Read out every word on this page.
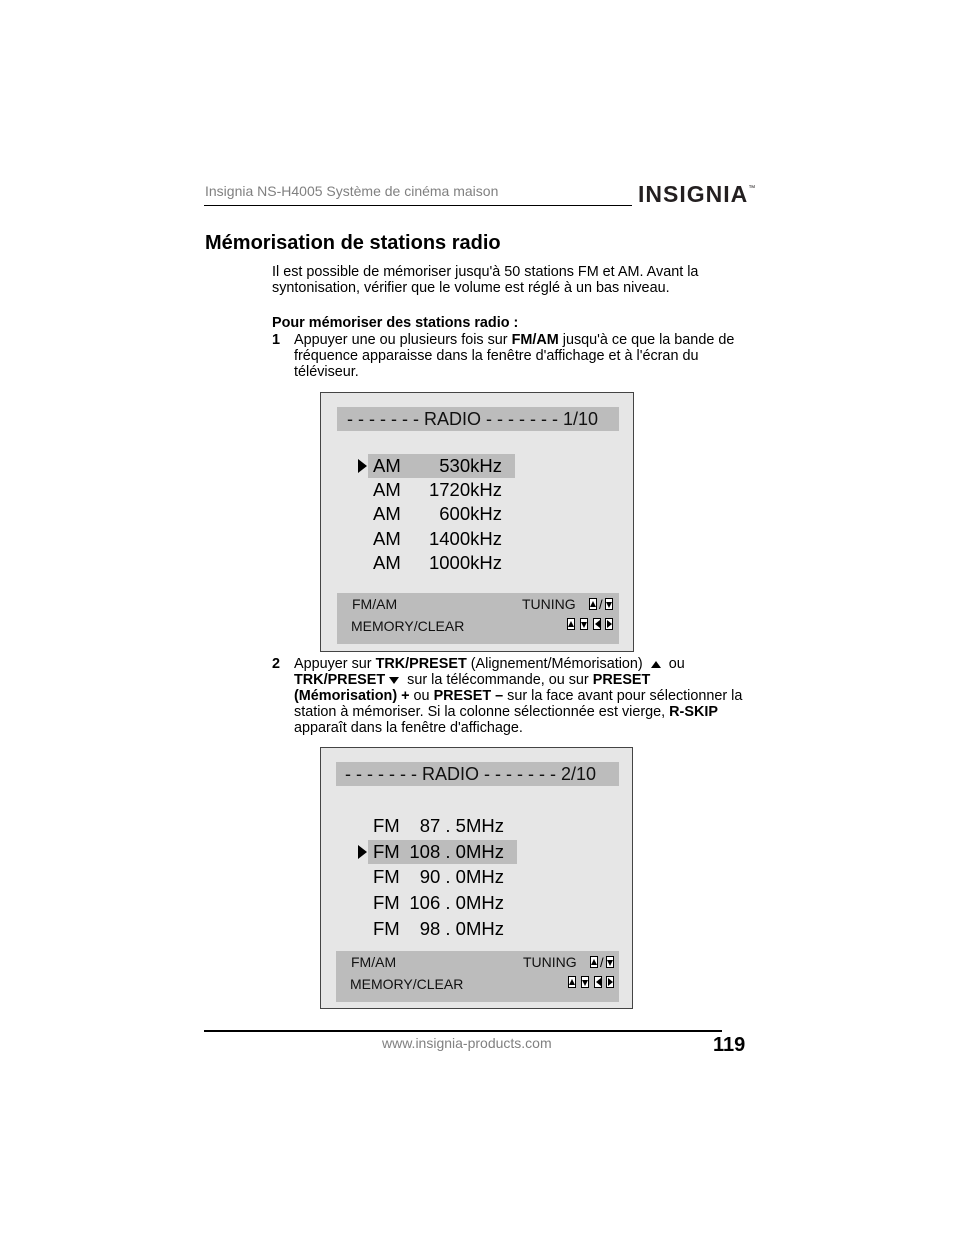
Insignia NS-H4005 Système de cinéma maison	INSIGNIA™
Mémorisation de stations radio
Il est possible de mémoriser jusqu'à 50 stations FM et AM. Avant la syntonisation, vérifier que le volume est réglé à un bas niveau.
Pour mémoriser des stations radio :
1 Appuyer une ou plusieurs fois sur FM/AM jusqu'à ce que la bande de fréquence apparaisse dans la fenêtre d'affichage et à l'écran du téléviseur.
- - - - - - - RADIO - - - - - - - 1/10
AM 530kHz
AM 1720kHz
AM 600kHz
AM 1400kHz
AM 1000kHz
FM/AM	TUNING /
MEMORY/CLEAR
2 Appuyer sur TRK/PRESET (Alignement/Mémorisation)  ou TRK/PRESET sur la télécommande, ou sur PRESET (Mémorisation) + ou PRESET – sur la face avant pour sélectionner la station à mémoriser. Si la colonne sélectionnée est vierge, R-SKIP apparaît dans la fenêtre d'affichage.
- - - - - - - RADIO - - - - - - - 2/10
FM 87 . 5MHz
FM 108 . 0MHz
FM 90 . 0MHz
FM 106 . 0MHz
FM 98 . 0MHz
FM/AM	TUNING /
MEMORY/CLEAR
www.insignia-products.com	119
